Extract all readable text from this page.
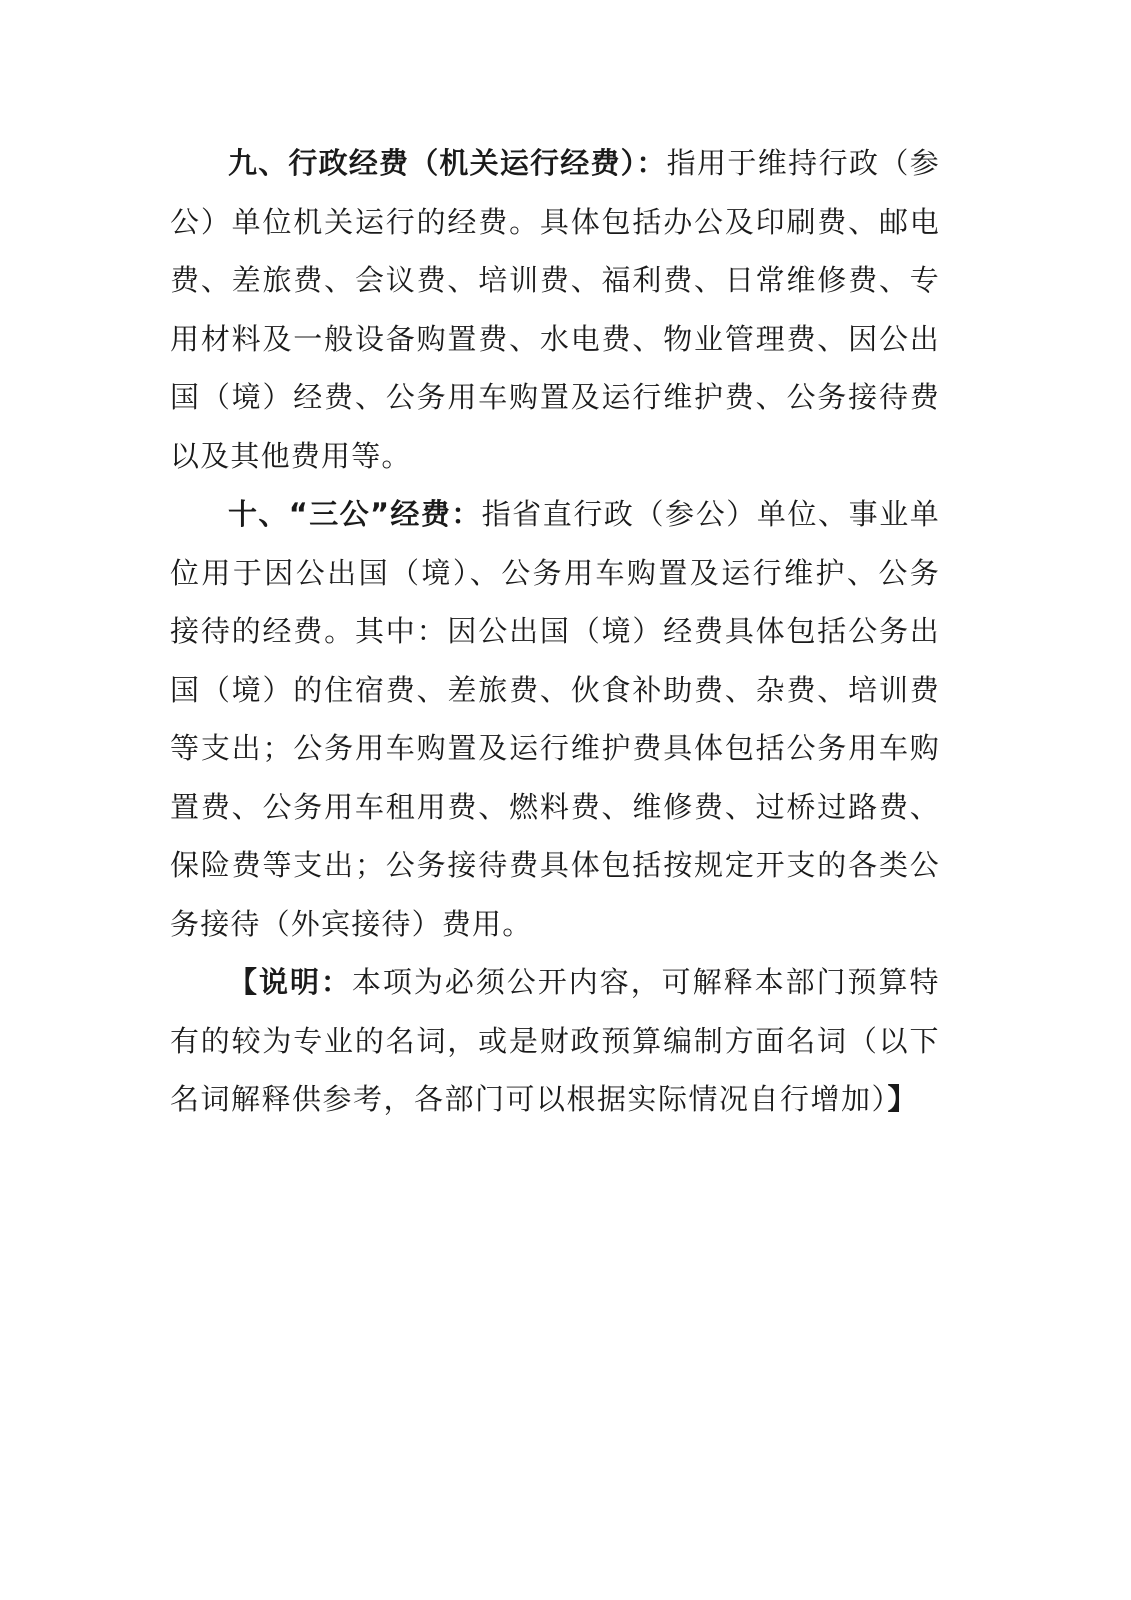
九、行政经费（机关运行经费）：指用于维持行政（参公）单位机关运行的经费。具体包括办公及印刷费、邮电费、差旅费、会议费、培训费、福利费、日常维修费、专用材料及一般设备购置费、水电费、物业管理费、因公出国（境）经费、公务用车购置及运行维护费、公务接待费以及其他费用等。

十、“三公”经费：指省直行政（参公）单位、事业单位用于因公出国（境）、公务用车购置及运行维护、公务接待的经费。其中：因公出国（境）经费具体包括公务出国（境）的住宿费、差旅费、伙食补助费、杂费、培训费等支出；公务用车购置及运行维护费具体包括公务用车购置费、公务用车租用费、燃料费、维修费、过桥过路费、保险费等支出；公务接待费具体包括按规定开支的各类公务接待（外宾接待）费用。

【说明：本项为必须公开内容，可解释本部门预算特有的较为专业的名词，或是财政预算编制方面名词（以下名词解释供参考，各部门可以根据实际情况自行增加）】
